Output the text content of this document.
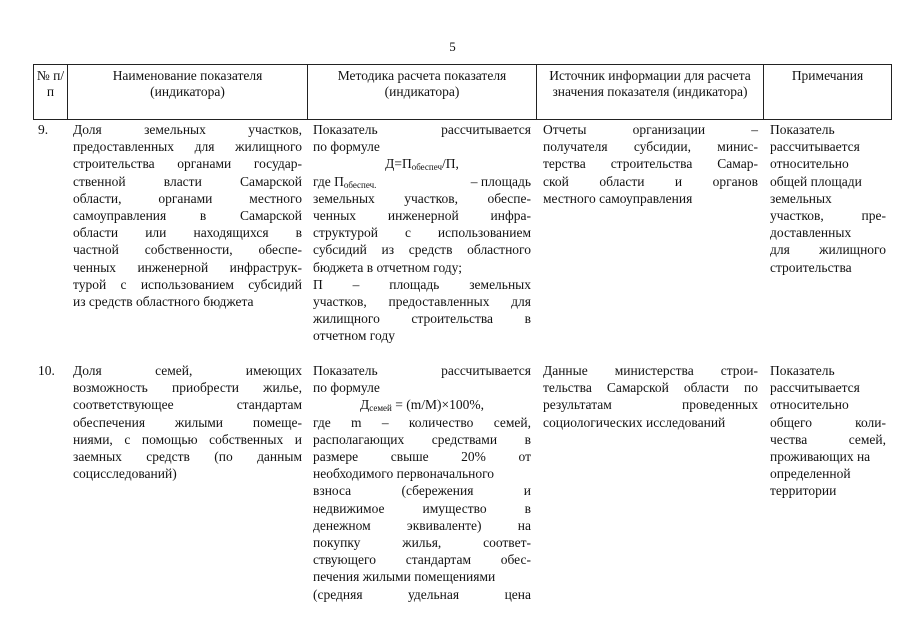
5
№ п/п
Наименование показателя (индикатора)
Методика расчета показателя (индикатора)
Источник информации для расчета значения показателя (индикатора)
Примечания
9. Доля земельных участков,
предоставленных для жилищного
строительства органами государ-
ственной власти Самарской
области, органами местного
самоуправления в Самарской
области или находящихся в
частной собственности, обеспе-
ченных инженерной инфраструк-
турой с использованием субсидий
из средств областного бюджета
Показатель рассчитывается
по формуле
$Д=П_{обеспеч}/П$,
где $П_{обеспеч.}$	– площадь
земельных участков, обеспе-
ченных инженерной инфра-
структурой с использованием
субсидий из средств областного
бюджета в отчетном году;
П – площадь земельных
участков, предоставленных для
жилищного строительства в
отчетном году
Отчеты организации –
получателя субсидии, минис-
терства строительства Самар-
ской области и органов
местного самоуправления
Показатель
рассчитывается
относительно
общей площади
земельных
участков, пре-
доставленных
для жилищного
строительства
10. Доля семей, имеющих
возможность приобрести жилье,
соответствующее стандартам
обеспечения жилыми помеще-
ниями, с помощью собственных и
заемных средств (по данным
социсследований)
Показатель рассчитывается
по формуле
$Д_{семей} = (m/M)\times 100\%$,
где m – количество семей,
располагающих средствами в
размере свыше 20% от
необходимого первоначального
взноса (сбережения и
недвижимое имущество в
денежном эквиваленте) на
покупку жилья, соответ-
ствующего стандартам обес-
печения жилыми помещениями
(средняя удельная цена
Данные министерства строи-
тельства Самарской области по
результатам проведенных
социологических исследований
Показатель
рассчитывается
относительно
общего коли-
чества семей,
проживающих на
определенной
территории
